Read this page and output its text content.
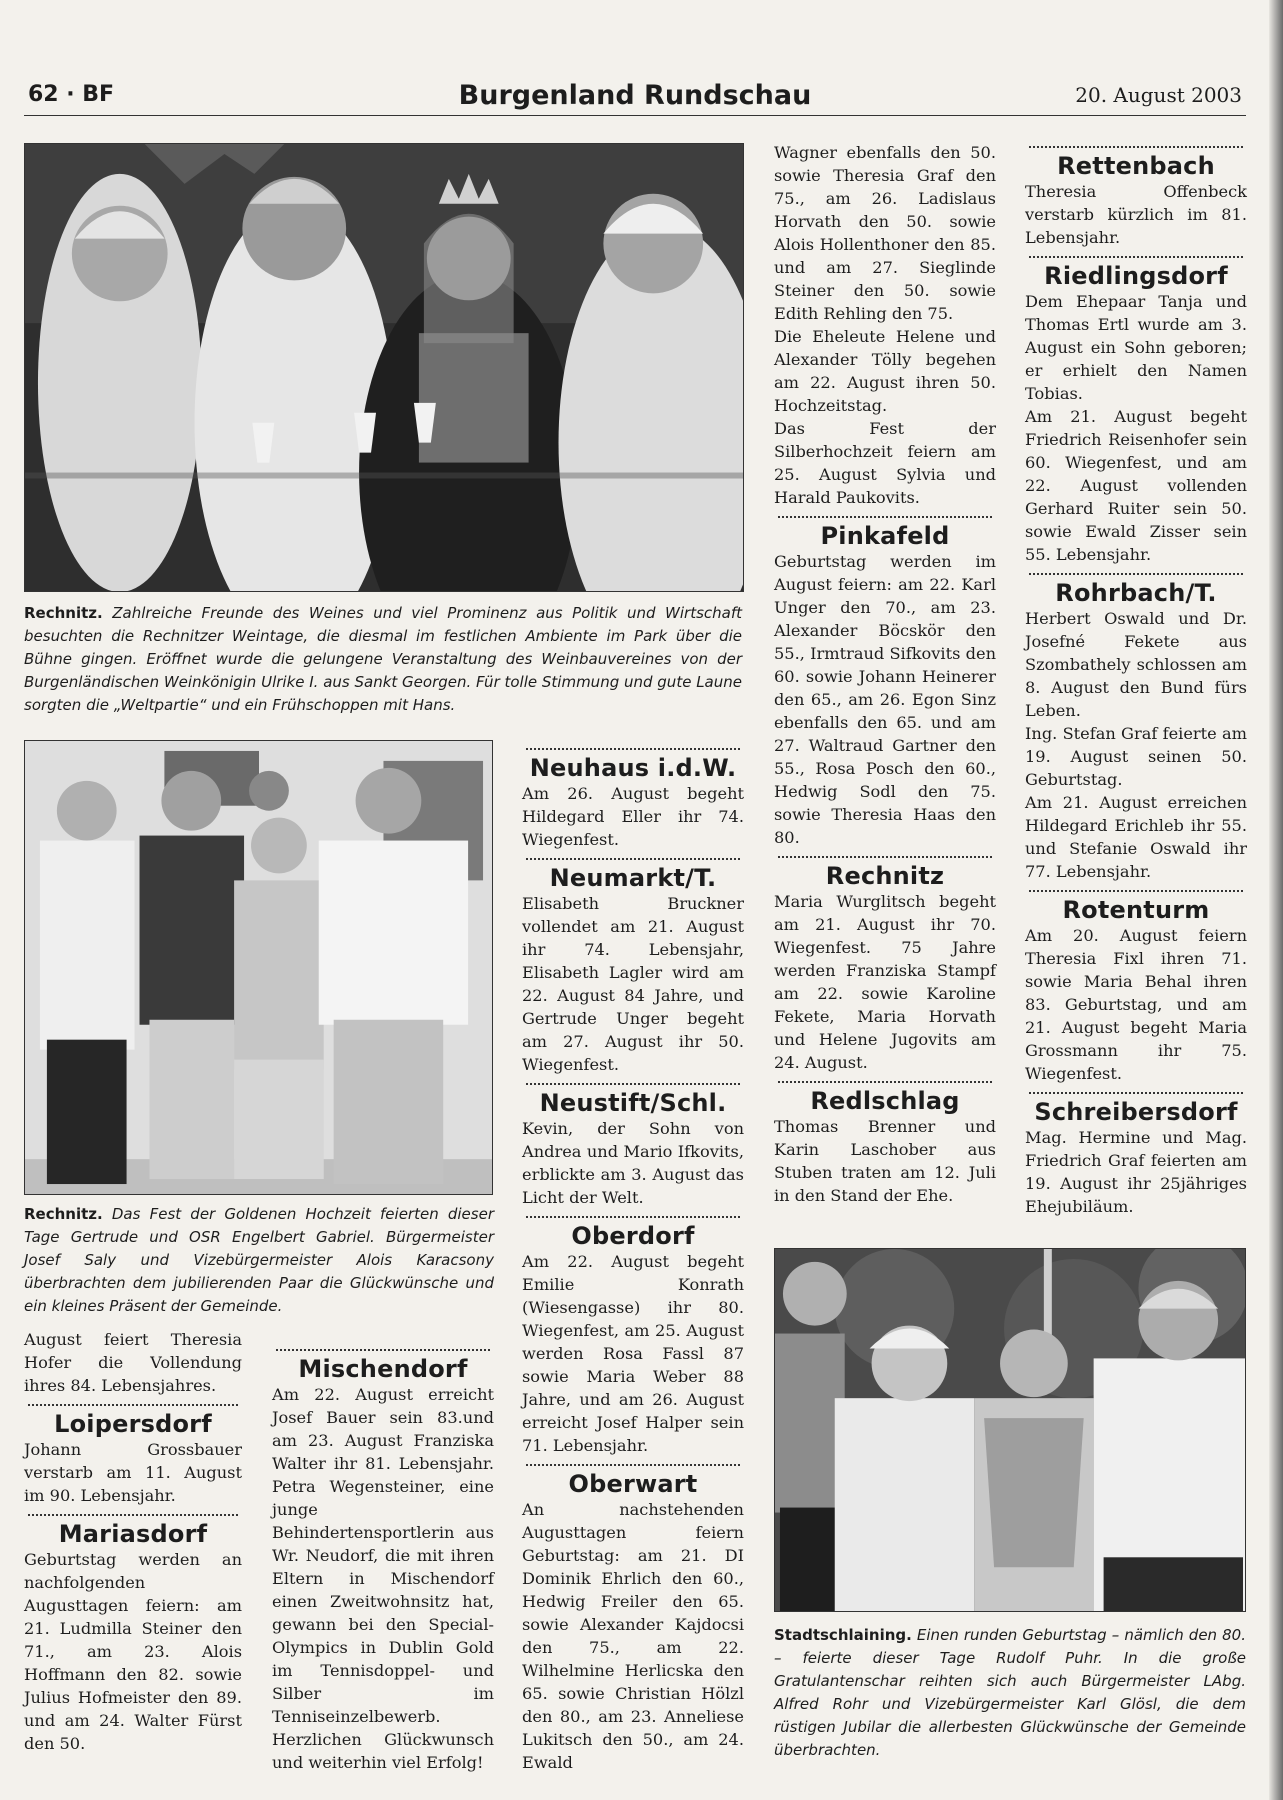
62 · BF	Burgenland Rundschau	20. August 2003
Rechnitz. Zahlreiche Freunde des Weines und viel Prominenz aus Politik und Wirtschaft besuchten die Rechnitzer Weintage, die diesmal im festlichen Ambiente im Park über die Bühne gingen. Eröffnet wurde die gelungene Veranstaltung des Weinbauvereines von der Burgenländischen Weinkönigin Ulrike I. aus Sankt Georgen. Für tolle Stimmung und gute Laune sorgten die „Weltpartie“ und ein Frühschoppen mit Hans.
Rechnitz. Das Fest der Goldenen Hochzeit feierten dieser Tage Gertrude und OSR Engelbert Gabriel. Bürgermeister Josef Saly und Vizebürgermeister Alois Karacsony überbrachten dem jubilierenden Paar die Glückwünsche und ein kleines Präsent der Gemeinde.

August feiert Theresia Hofer die Vollendung ihres 84. Lebensjahres.

Loipersdorf

Johann Grossbauer verstarb am 11. August im 90. Lebensjahr.

Mariasdorf

Geburtstag werden an nachfolgenden Augusttagen feiern: am 21. Ludmilla Steiner den 71., am 23. Alois Hoffmann den 82. sowie Julius Hofmeister den 89. und am 24. Walter Fürst den 50.

Mischendorf

Am 22. August erreicht Josef Bauer sein 83.und am 23. August Franziska Walter ihr 81. Lebensjahr. Petra Wegensteiner, eine junge Behindertensportlerin aus Wr. Neudorf, die mit ihren Eltern in Mischendorf einen Zweitwohnsitz hat, gewann bei den Special-Olympics in Dublin Gold im Tennisdoppel- und Silber im Tenniseinzelbewerb. Herzlichen Glückwunsch und weiterhin viel Erfolg!

Neuhaus i.d.W.

Am 26. August begeht Hildegard Eller ihr 74. Wiegenfest.

Neumarkt/T.

Elisabeth Bruckner vollendet am 21. August ihr 74. Lebensjahr, Elisabeth Lagler wird am 22. August 84 Jahre, und Gertrude Unger begeht am 27. August ihr 50. Wiegenfest.

Neustift/Schl.

Kevin, der Sohn von Andrea und Mario Ifkovits, erblickte am 3. August das Licht der Welt.

Oberdorf

Am 22. August begeht Emilie Konrath (Wiesengasse) ihr 80. Wiegenfest, am 25. August werden Rosa Fassl 87 sowie Maria Weber 88 Jahre, und am 26. August erreicht Josef Halper sein 71. Lebensjahr.

Oberwart

An nachstehenden Augusttagen feiern Geburtstag: am 21. DI Dominik Ehrlich den 60., Hedwig Freiler den 65. sowie Alexander Kajdocsi den 75., am 22. Wilhelmine Herlicska den 65. sowie Christian Hölzl den 80., am 23. Anneliese Lukitsch den 50., am 24. Ewald

Wagner ebenfalls den 50. sowie Theresia Graf den 75., am 26. Ladislaus Horvath den 50. sowie Alois Hollenthoner den 85. und am 27. Sieglinde Steiner den 50. sowie Edith Rehling den 75.

Die Eheleute Helene und Alexander Tölly begehen am 22. August ihren 50. Hochzeitstag.

Das Fest der Silberhochzeit feiern am 25. August Sylvia und Harald Paukovits.

Pinkafeld

Geburtstag werden im August feiern: am 22. Karl Unger den 70., am 23. Alexander Böcskör den 55., Irmtraud Sifkovits den 60. sowie Johann Heinerer den 65., am 26. Egon Sinz ebenfalls den 65. und am 27. Waltraud Gartner den 55., Rosa Posch den 60., Hedwig Sodl den 75. sowie Theresia Haas den 80.

Rechnitz

Maria Wurglitsch begeht am 21. August ihr 70. Wiegenfest. 75 Jahre werden Franziska Stampf am 22. sowie Karoline Fekete, Maria Horvath und Helene Jugovits am 24. August.

Redlschlag

Thomas Brenner und Karin Laschober aus Stuben traten am 12. Juli in den Stand der Ehe.

Rettenbach

Theresia Offenbeck verstarb kürzlich im 81. Lebensjahr.

Riedlingsdorf

Dem Ehepaar Tanja und Thomas Ertl wurde am 3. August ein Sohn geboren; er erhielt den Namen Tobias.

Am 21. August begeht Friedrich Reisenhofer sein 60. Wiegenfest, und am 22. August vollenden Gerhard Ruiter sein 50. sowie Ewald Zisser sein 55. Lebensjahr.

Rohrbach/T.

Herbert Oswald und Dr. Josefné Fekete aus Szombathely schlossen am 8. August den Bund fürs Leben.

Ing. Stefan Graf feierte am 19. August seinen 50. Geburtstag.

Am 21. August erreichen Hildegard Erichleb ihr 55. und Stefanie Oswald ihr 77. Lebensjahr.

Rotenturm

Am 20. August feiern Theresia Fixl ihren 71. sowie Maria Behal ihren 83. Geburtstag, und am 21. August begeht Maria Grossmann ihr 75. Wiegenfest.

Schreibersdorf

Mag. Hermine und Mag. Friedrich Graf feierten am 19. August ihr 25jähriges Ehejubiläum.

Stadtschlaining. Einen runden Geburtstag – nämlich den 80. – feierte dieser Tage Rudolf Puhr. In die große Gratulantenschar reihten sich auch Bürgermeister LAbg. Alfred Rohr und Vizebürgermeister Karl Glösl, die dem rüstigen Jubilar die allerbesten Glückwünsche der Gemeinde überbrachten.
